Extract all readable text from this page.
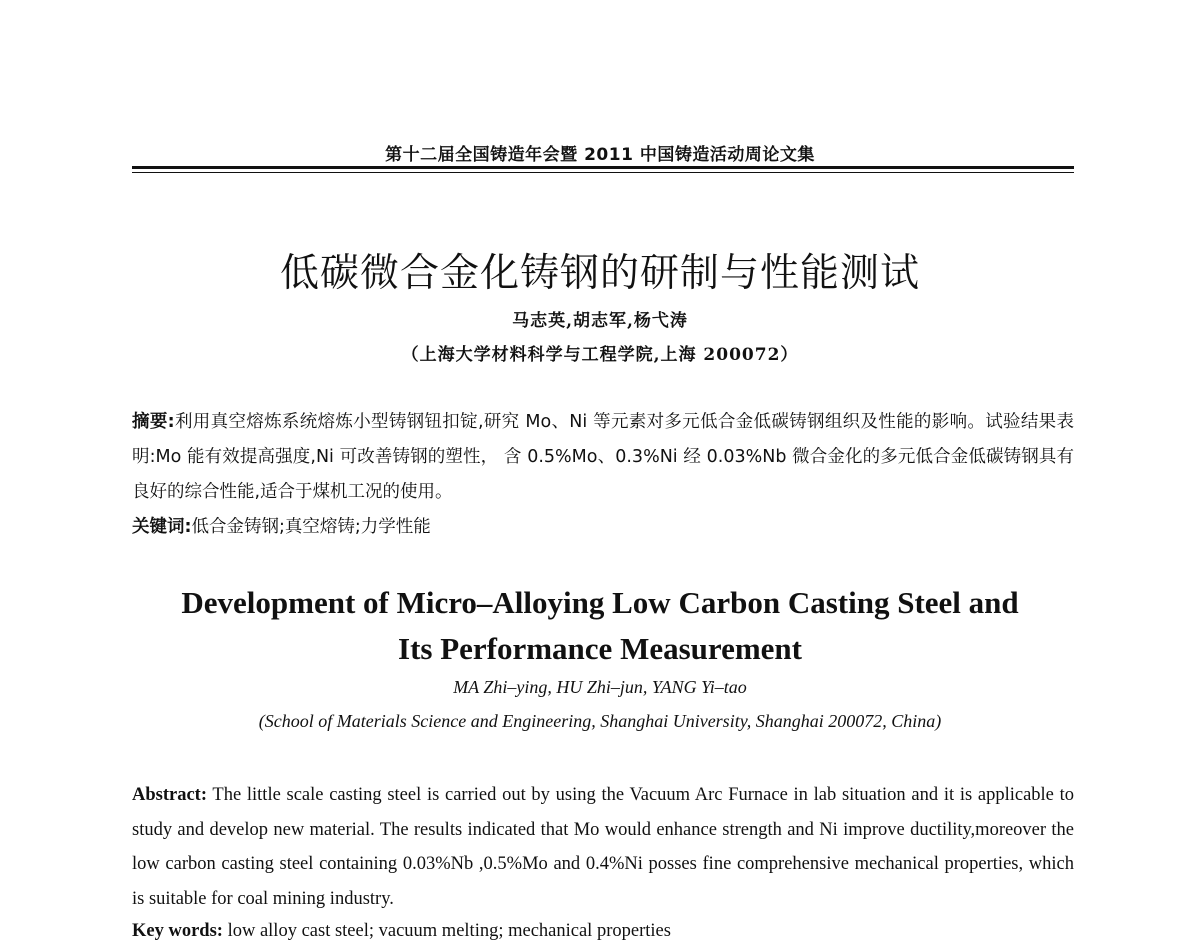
第十二届全国铸造年会暨 2011 中国铸造活动周论文集
低碳微合金化铸钢的研制与性能测试
马志英,胡志军,杨弋涛
（上海大学材料科学与工程学院,上海 200072）
摘要:利用真空熔炼系统熔炼小型铸钢钮扣锭,研究 Mo、Ni 等元素对多元低合金低碳铸钢组织及性能的影响。试验结果表明:Mo 能有效提高强度,Ni 可改善铸钢的塑性， 含 0.5%Mo、0.3%Ni 经 0.03%Nb 微合金化的多元低合金低碳铸钢具有良好的综合性能,适合于煤机工况的使用。
关键词:低合金铸钢;真空熔铸;力学性能
Development of Micro–Alloying Low Carbon Casting Steel and
Its Performance Measurement
MA Zhi–ying, HU Zhi–jun, YANG Yi–tao
(School of Materials Science and Engineering, Shanghai University, Shanghai 200072, China)
Abstract: The little scale casting steel is carried out by using the Vacuum Arc Furnace in lab situation and it is applicable to study and develop new material. The results indicated that Mo would enhance strength and Ni improve ductility,moreover the low carbon casting steel containing 0.03%Nb ,0.5%Mo and 0.4%Ni posses fine comprehensive mechanical properties, which is suitable for coal mining industry.
Key words: low alloy cast steel; vacuum melting; mechanical properties
